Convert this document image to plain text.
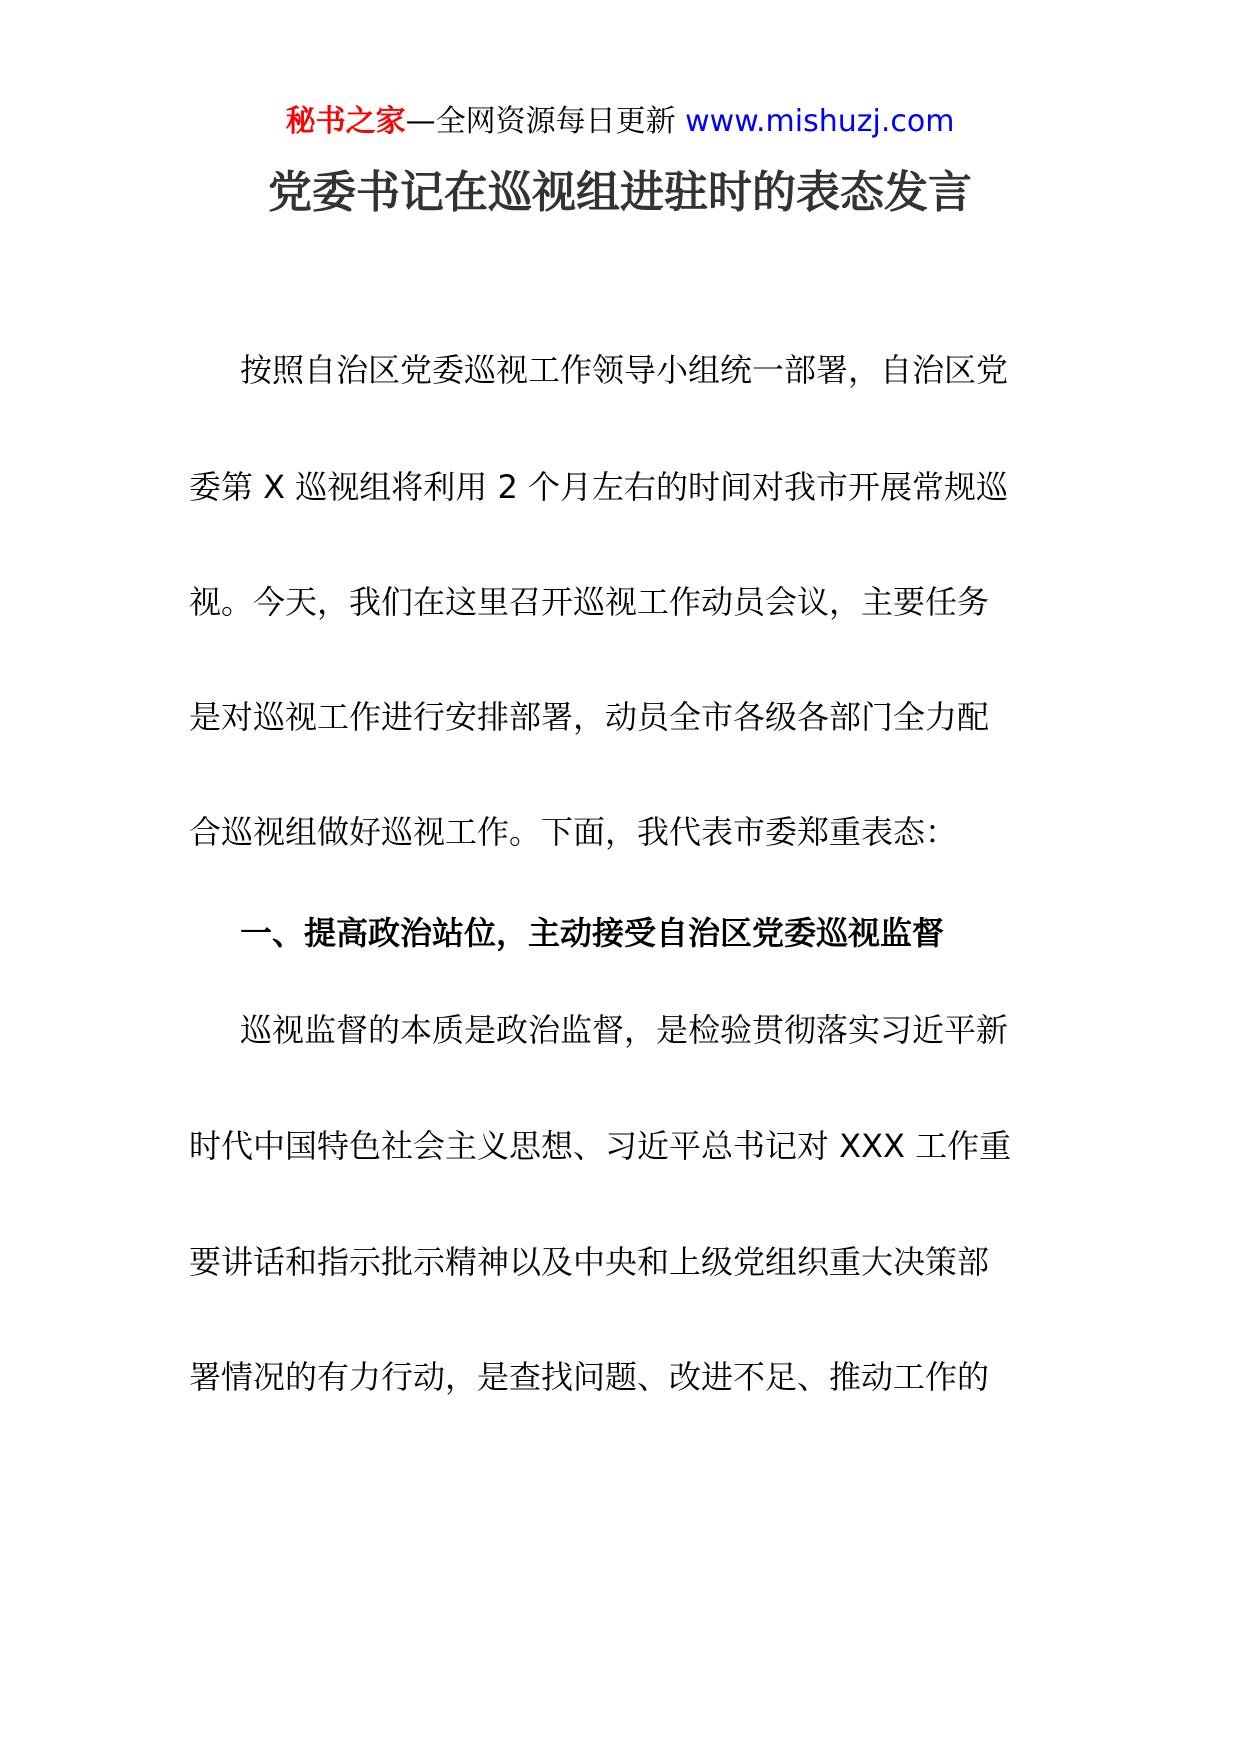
秘书之家—全网资源每日更新 www.mishuzj.com
党委书记在巡视组进驻时的表态发言
按照自治区党委巡视工作领导小组统一部署，自治区党
委第 X 巡视组将利用 2 个月左右的时间对我市开展常规巡
视。今天，我们在这里召开巡视工作动员会议，主要任务
是对巡视工作进行安排部署，动员全市各级各部门全力配
合巡视组做好巡视工作。下面，我代表市委郑重表态：
一、提高政治站位，主动接受自治区党委巡视监督
巡视监督的本质是政治监督，是检验贯彻落实习近平新
时代中国特色社会主义思想、习近平总书记对 XXX 工作重
要讲话和指示批示精神以及中央和上级党组织重大决策部
署情况的有力行动，是查找问题、改进不足、推动工作的
